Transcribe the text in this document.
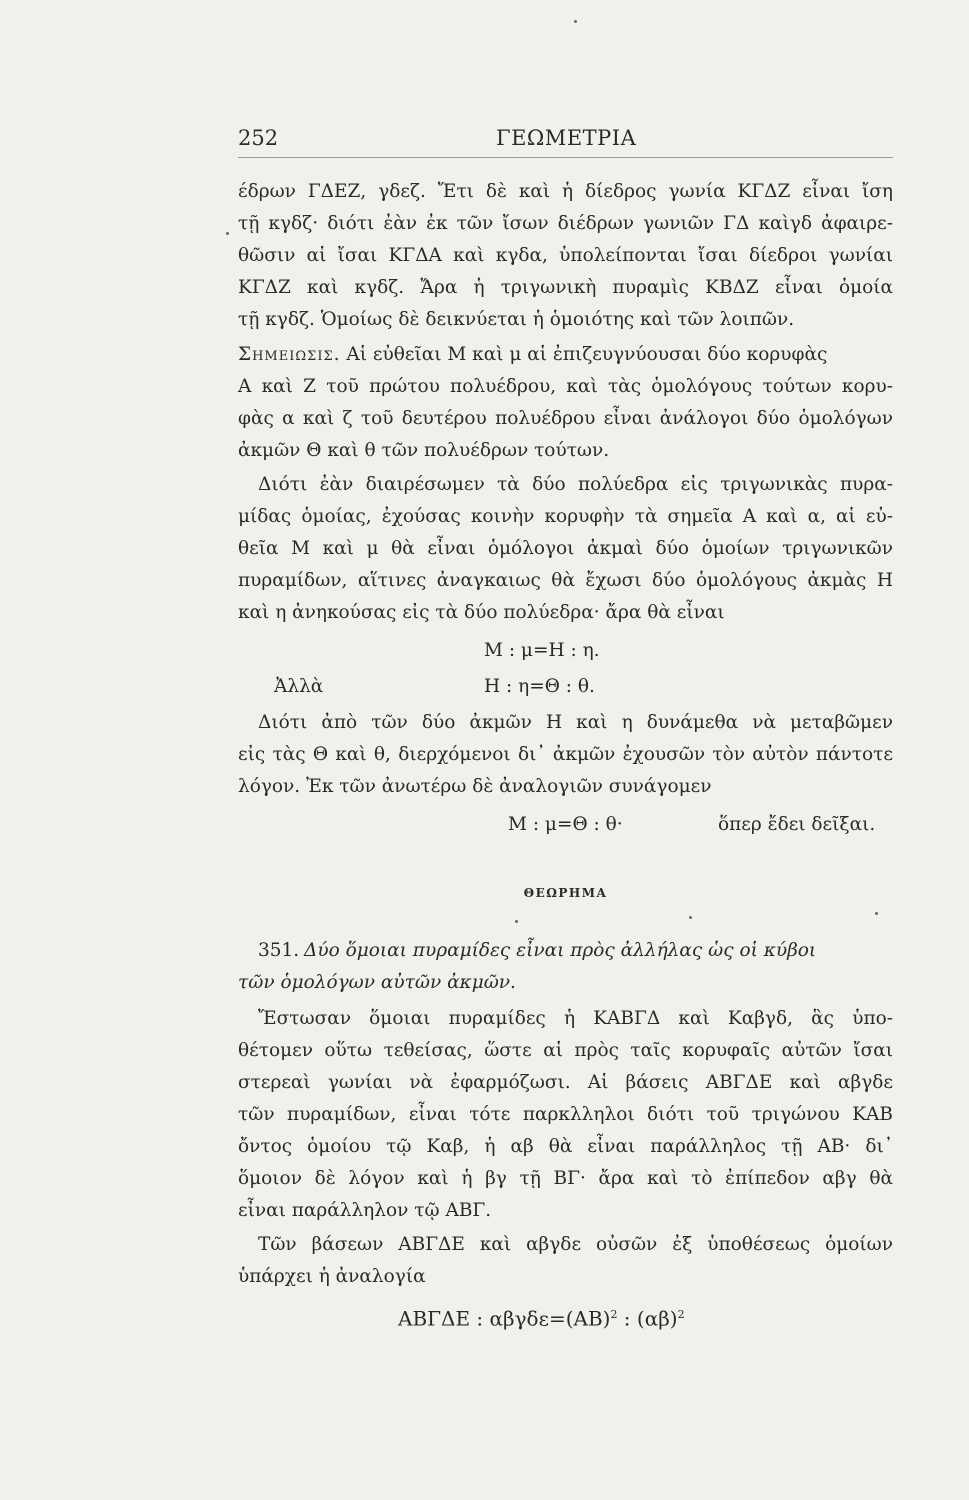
252	ΓΕΩΜΕΤΡΙΑ
έδρων ΓΔΕΖ, γδεζ. Ἔτι δὲ καὶ ἡ δίεδρος γωνία ΚΓΔΖ εἶναι ἴση
τῇ κγδζ· διότι ἐὰν ἐκ τῶν ἴσων διέδρων γωνιῶν ΓΔ καὶγδ ἀφαιρε-
θῶσιν αἱ ἴσαι ΚΓΔΑ καὶ κγδα, ὑπολείπονται ἴσαι δίεδροι γωνίαι
ΚΓΔΖ καὶ κγδζ. Ἄρα ἡ τριγωνικὴ πυραμὶς ΚΒΔΖ εἶναι ὁμοία
τῇ κγδζ. Ὁμοίως δὲ δεικνύεται ἡ ὁμοιότης καὶ τῶν λοιπῶν.
Σημειωσις. Αἱ εὐθεῖαι Μ καὶ μ αἱ ἐπιζευγνύουσαι δύο κορυφὰς
Α καὶ Ζ τοῦ πρώτου πολυέδρου, καὶ τὰς ὁμολόγους τούτων κορυ-
φὰς α καὶ ζ τοῦ δευτέρου πολυέδρου εἶναι ἀνάλογοι δύο ὁμολόγων
ἀκμῶν Θ καὶ θ τῶν πολυέδρων τούτων.
Διότι ἐὰν διαιρέσωμεν τὰ δύο πολύεδρα εἰς τριγωνικὰς πυρα-
μίδας ὁμοίας, ἐχούσας κοινὴν κορυφὴν τὰ σημεῖα Α καὶ α, αἱ εὐ-
θεῖα Μ καὶ μ θὰ εἶναι ὁμόλογοι ἀκμαὶ δύο ὁμοίων τριγωνικῶν
πυραμίδων, αἵτινες ἀναγκαιως θὰ ἔχωσι δύο ὁμολόγους ἀκμὰς Η
καὶ η ἀνηκούσας εἰς τὰ δύο πολύεδρα· ἄρα θὰ εἶναι
Μ : μ=Η : η.
Ἀλλὰ	Η : η=Θ : θ.
Διότι ἀπὸ τῶν δύο ἀκμῶν Η καὶ η δυνάμεθα νὰ μεταβῶμεν
εἰς τὰς Θ καὶ θ, διερχόμενοι δι᾽ ἀκμῶν ἐχουσῶν τὸν αὐτὸν πάντοτε
λόγον. Ἐκ τῶν ἀνωτέρω δὲ ἀναλογιῶν συνάγομεν
Μ : μ=Θ : θ·	ὅπερ ἔδει δεῖξαι.
ΘΕΩΡΗΜΑ
351. Δύο ὅμοιαι πυραμίδες εἶναι πρὸς ἀλλήλας ὡς οἱ κύβοι
τῶν ὁμολόγων αὐτῶν ἀκμῶν.
Ἔστωσαν ὅμοιαι πυραμίδες ἡ ΚΑΒΓΔ καὶ Καβγδ, ἃς ὑπο-
θέτομεν οὕτω τεθείσας, ὥστε αἱ πρὸς ταῖς κορυφαῖς αὐτῶν ἴσαι
στερεαὶ γωνίαι νὰ ἐφαρμόζωσι. Αἱ βάσεις ΑΒΓΔΕ καὶ αβγδε
τῶν πυραμίδων, εἶναι τότε παρκλληλοι διότι τοῦ τριγώνου ΚΑΒ
ὄντος ὁμοίου τῷ Καβ, ἡ αβ θὰ εἶναι παράλληλος τῇ ΑΒ· δι᾽
ὅμοιον δὲ λόγον καὶ ἡ βγ τῇ ΒΓ· ἄρα καὶ τὸ ἐπίπεδον αβγ θὰ
εἶναι παράλληλον τῷ ΑΒΓ.
Τῶν βάσεων ΑΒΓΔΕ καὶ αβγδε οὐσῶν ἐξ ὑποθέσεως ὁμοίων
ὑπάρχει ἡ ἀναλογία
ΑΒΓΔΕ : $\alpha\beta\gamma\delta\varepsilon=(AB)^2$ : $(\alpha\beta)^2$
